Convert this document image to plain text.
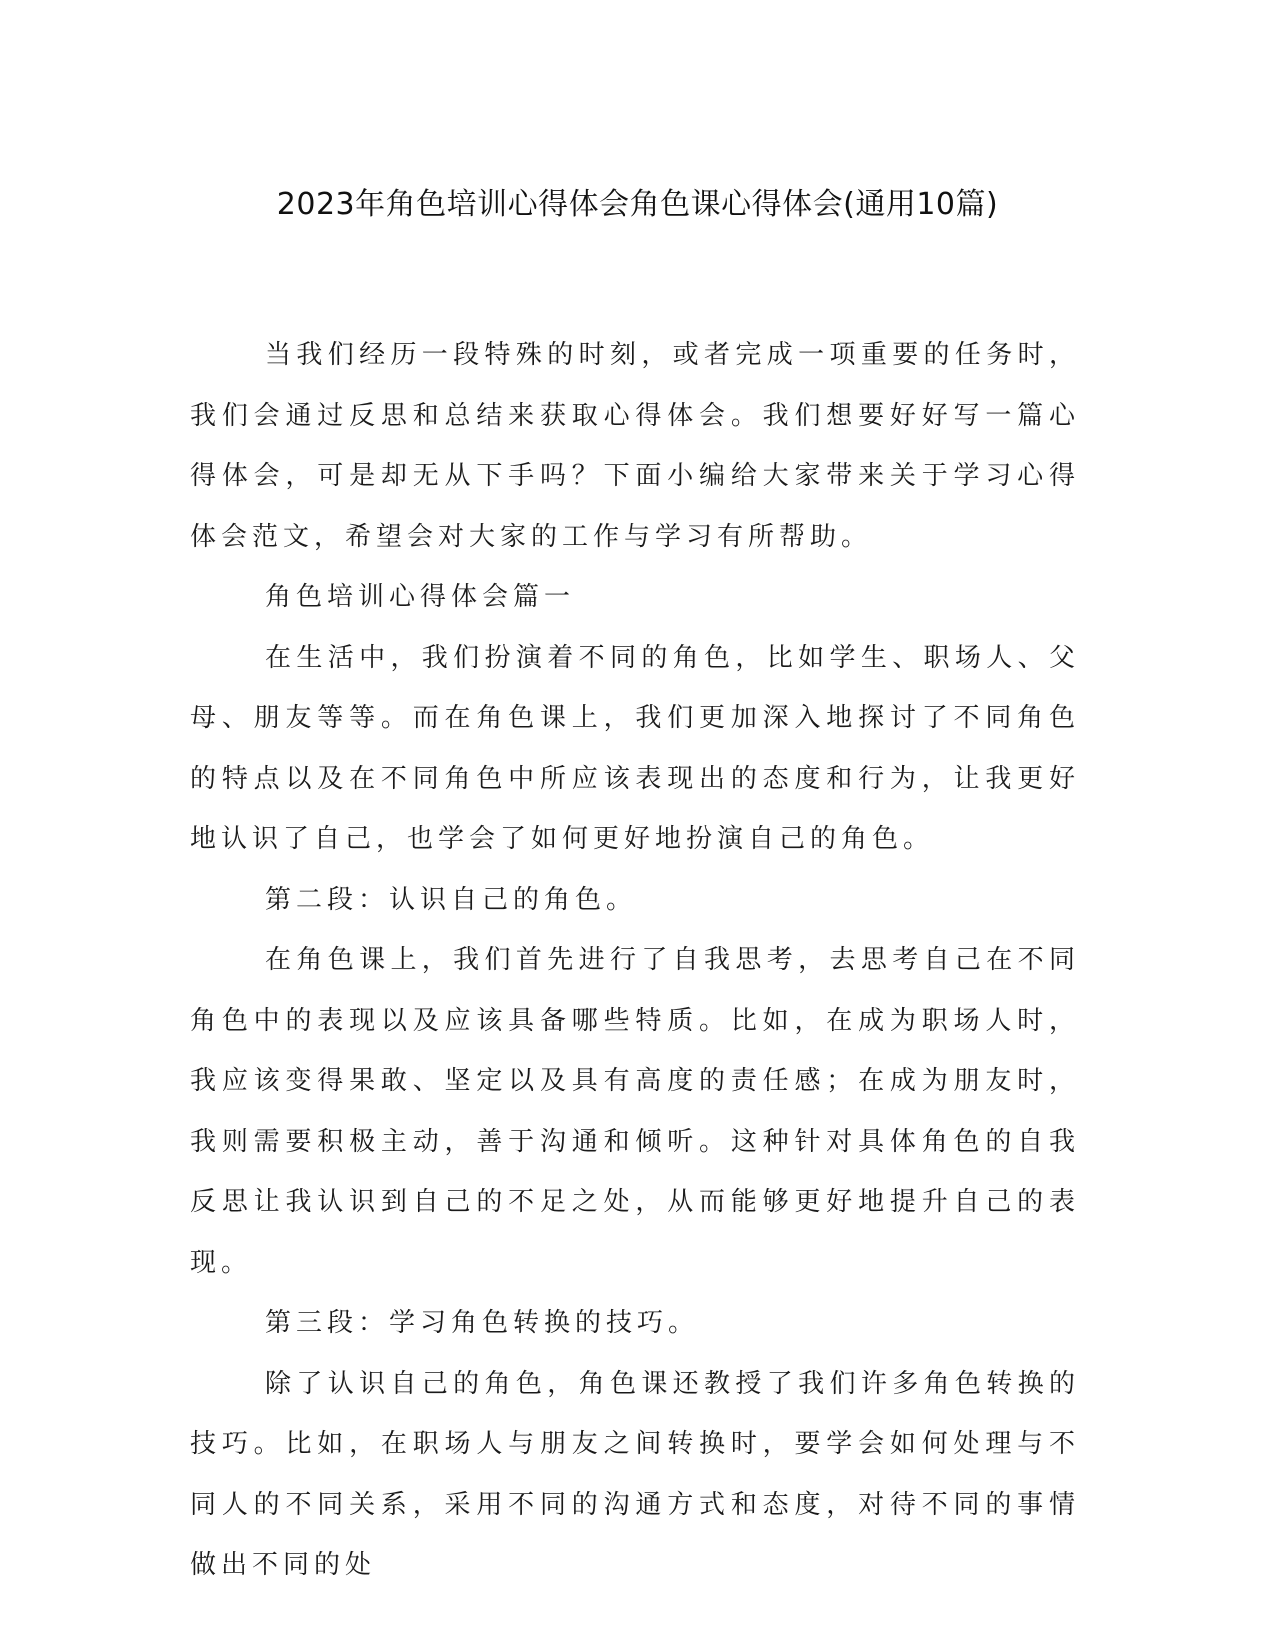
2023年角色培训心得体会角色课心得体会(通用10篇)

当我们经历一段特殊的时刻，或者完成一项重要的任务时，我们会通过反思和总结来获取心得体会。我们想要好好写一篇心得体会，可是却无从下手吗？下面小编给大家带来关于学习心得体会范文，希望会对大家的工作与学习有所帮助。

角色培训心得体会篇一

在生活中，我们扮演着不同的角色，比如学生、职场人、父母、朋友等等。而在角色课上，我们更加深入地探讨了不同角色的特点以及在不同角色中所应该表现出的态度和行为，让我更好地认识了自己，也学会了如何更好地扮演自己的角色。

第二段：认识自己的角色。

在角色课上，我们首先进行了自我思考，去思考自己在不同角色中的表现以及应该具备哪些特质。比如，在成为职场人时，我应该变得果敢、坚定以及具有高度的责任感；在成为朋友时，我则需要积极主动，善于沟通和倾听。这种针对具体角色的自我反思让我认识到自己的不足之处，从而能够更好地提升自己的表现。

第三段：学习角色转换的技巧。

除了认识自己的角色，角色课还教授了我们许多角色转换的技巧。比如，在职场人与朋友之间转换时，要学会如何处理与不同人的不同关系，采用不同的沟通方式和态度，对待不同的事情做出不同的处
